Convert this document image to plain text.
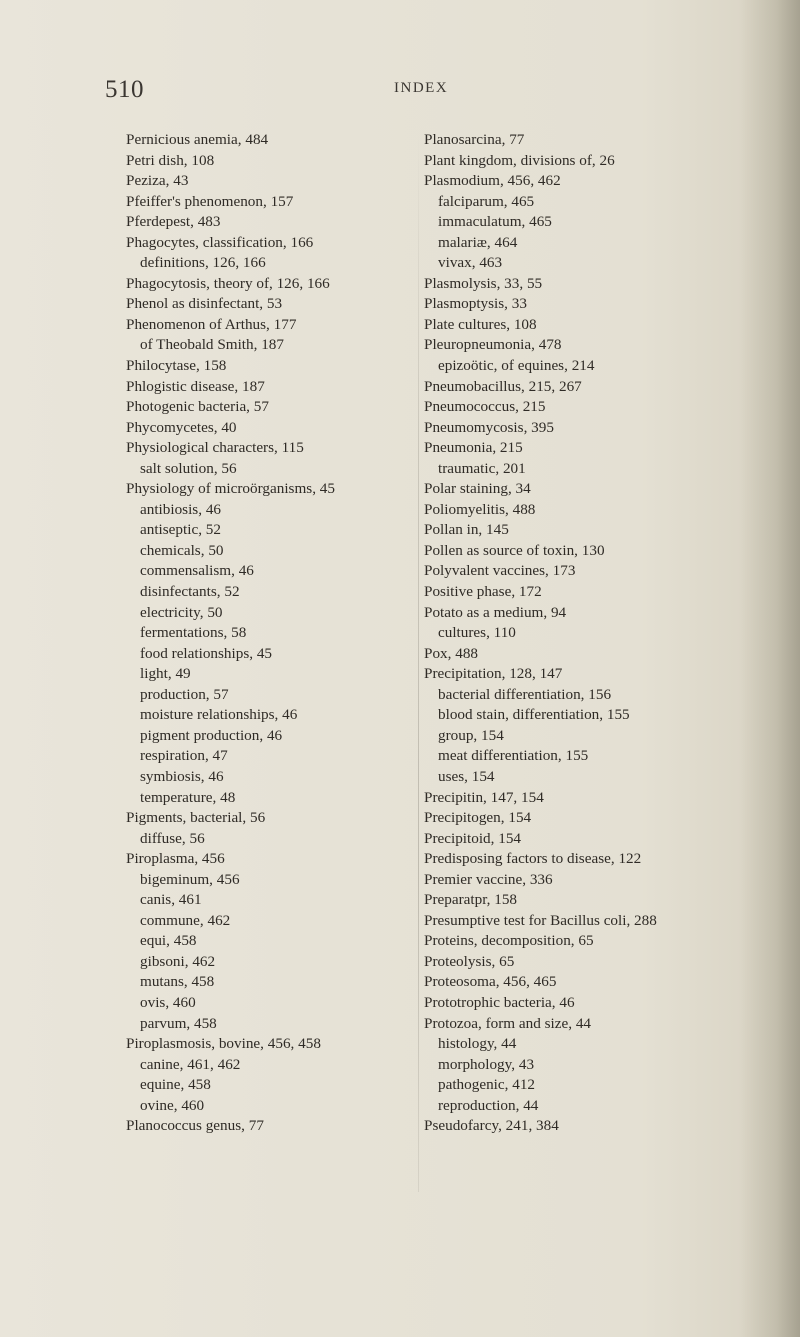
510	INDEX
Pernicious anemia, 484
Petri dish, 108
Peziza, 43
Pfeiffer's phenomenon, 157
Pferdepest, 483
Phagocytes, classification, 166
definitions, 126, 166
Phagocytosis, theory of, 126, 166
Phenol as disinfectant, 53
Phenomenon of Arthus, 177
of Theobald Smith, 187
Philocytase, 158
Phlogistic disease, 187
Photogenic bacteria, 57
Phycomycetes, 40
Physiological characters, 115
salt solution, 56
Physiology of microörganisms, 45
antibiosis, 46
antiseptic, 52
chemicals, 50
commensalism, 46
disinfectants, 52
electricity, 50
fermentations, 58
food relationships, 45
light, 49
production, 57
moisture relationships, 46
pigment production, 46
respiration, 47
symbiosis, 46
temperature, 48
Pigments, bacterial, 56
diffuse, 56
Piroplasma, 456
bigeminum, 456
canis, 461
commune, 462
equi, 458
gibsoni, 462
mutans, 458
ovis, 460
parvum, 458
Piroplasmosis, bovine, 456, 458
canine, 461, 462
equine, 458
ovine, 460
Planococcus genus, 77
Planosarcina, 77
Plant kingdom, divisions of, 26
Plasmodium, 456, 462
falciparum, 465
immaculatum, 465
malariæ, 464
vivax, 463
Plasmolysis, 33, 55
Plasmoptysis, 33
Plate cultures, 108
Pleuropneumonia, 478
epizoötic, of equines, 214
Pneumobacillus, 215, 267
Pneumococcus, 215
Pneumomycosis, 395
Pneumonia, 215
traumatic, 201
Polar staining, 34
Poliomyelitis, 488
Pollan in, 145
Pollen as source of toxin, 130
Polyvalent vaccines, 173
Positive phase, 172
Potato as a medium, 94
cultures, 110
Pox, 488
Precipitation, 128, 147
bacterial differentiation, 156
blood stain, differentiation, 155
group, 154
meat differentiation, 155
uses, 154
Precipitin, 147, 154
Precipitogen, 154
Precipitoid, 154
Predisposing factors to disease, 122
Premier vaccine, 336
Preparatpr, 158
Presumptive test for Bacillus coli, 288
Proteins, decomposition, 65
Proteolysis, 65
Proteosoma, 456, 465
Prototrophic bacteria, 46
Protozoa, form and size, 44
histology, 44
morphology, 43
pathogenic, 412
reproduction, 44
Pseudofarcy, 241, 384
